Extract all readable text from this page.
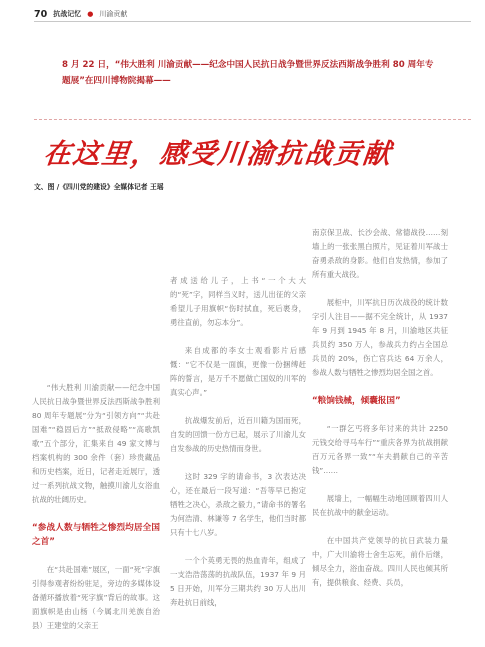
70 抗战记忆 ● 川渝贡献
8 月 22 日，“伟大胜利 川渝贡献——纪念中国人民抗日战争暨世界反法西斯战争胜利 80 周年专题展”在四川博物院揭幕——
在这里，感受川渝抗战贡献
文、图 /《四川党的建设》全媒体记者 王瑶

“伟大胜利 川渝贡献——纪念中国人民抗日战争暨世界反法西斯战争胜利 80 周年专题展”分为“引领方向”“共赴国难”“稳固后方”“抵敌侵略”“高歌凯歌”五个部分，汇集来自 49 家文博与档案机构的 300 余件（套）珍贵藏品和历史档案，近日，记者走近展厅，透过一系列抗战文物，触摸川渝儿女浴血抗战的壮阔历史。

“参战人数与牺牲之惨烈均居全国之首”

在“共赴国难”展区，一面“死”字旗引得参观者纷纷驻足，旁边的多媒体设备循环播放着“死字旗”背后的故事。这面旗帜是由山杨（今属北川羌族自治县）王建堂的父亲王

者成送给儿子，上书“一个大大的“死”字，同样当义时，送儿出征的父亲希望儿子用旗帜“伤时拭血，死后裹身，勇往直前，勿忘本分”。

来自成都的李女士观看影片后感慨：“它不仅是一面旗，更像一份捆缚赶阵的誓言，是万千不愿做亡国奴的川军的真实心声。”

抗战爆发前后，近百川籍为国而死，自发的回馈一份方已起，展示了川渝儿女自发参战的历史热情而身世。

这时 329 字的请命书，3 次表达决心，还在最后一段写道：“吾等早已抱定牺牲之决心，杀敌之毅力，”请命书的署名为何浩清、林谦等 7 名学生，他们当时都只有十七八岁。

一个个英勇无畏的热血青年，组成了一支浩浩荡荡的抗战队伍，1937 年 9 月 5 日开始，川军分三期共约 30 万人出川奔赴抗日前线，

南京保卫战、长沙会战、常德战役……刻墙上的一张张黑白照片，见证着川军战士奋勇杀敌的身影。他们自发热情，参加了所有重大战役。

展柜中，川军抗日历次战役的统计数字引人注目——据不完全统计，从 1937 年 9 月到 1945 年 8 月，川渝地区共征兵员约 350 万人，参战兵力约占全国总兵员的 20%，伤亡官兵达 64 万余人，参战人数与牺牲之惨烈均居全国之首。

“粮饷钱械，倾囊报国”

“一群乞丐将多年讨来的共计 2250 元钱交给寻马车行”“重庆各界为抗战捐献百万元各界一致”“车夫捐献自己的辛苦钱”……

展墙上，一幅幅生动地回顾着四川人民在抗战中的献金运动。

在中国共产党领导的抗日武装力量中，广大川渝将士舍生忘死，前仆后继，倾尽全力，浴血奋战。四川人民也倾其所有，提供粮食、经费、兵员，
